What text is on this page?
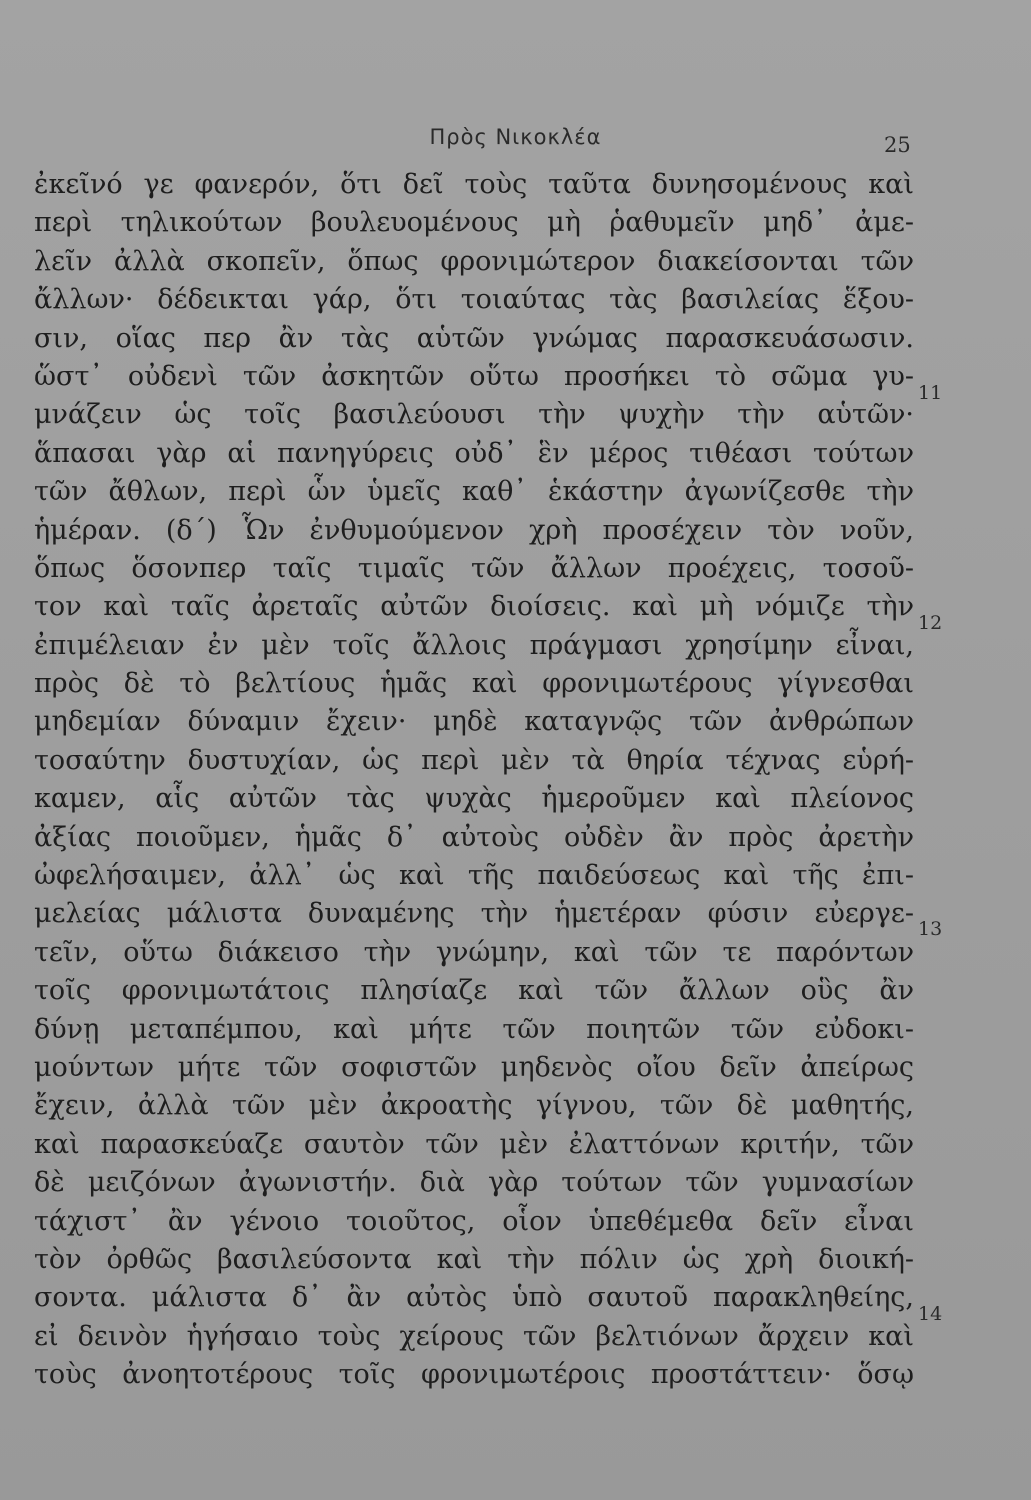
Πρὸς Νικοκλέα	25
ἐκεῖνό γε φανερόν, ὅτι δεῖ τοὺς ταῦτα δυνησομένους καὶ
περὶ τηλικούτων βουλευομένους μὴ ῥαθυμεῖν μηδ᾽ ἀμε-
λεῖν ἀλλὰ σκοπεῖν, ὅπως φρονιμώτερον διακείσονται τῶν
ἄλλων· δέδεικται γάρ, ὅτι τοιαύτας τὰς βασιλείας ἕξου-
σιν, οἵας περ ἂν τὰς αὑτῶν γνώμας παρασκευάσωσιν.
ὥστ᾽ οὐδενὶ τῶν ἀσκητῶν οὕτω προσήκει τὸ σῶμα γυ-
μνάζειν ὡς τοῖς βασιλεύουσι τὴν ψυχὴν τὴν αὑτῶν·
ἅπασαι γὰρ αἱ πανηγύρεις οὐδ᾽ ἓν μέρος τιθέασι τούτων
τῶν ἄθλων, περὶ ὧν ὑμεῖς καθ᾽ ἑκάστην ἀγωνίζεσθε τὴν
ἡμέραν. (δ΄) Ὧν ἐνθυμούμενον χρὴ προσέχειν τὸν νοῦν,
ὅπως ὅσονπερ ταῖς τιμαῖς τῶν ἄλλων προέχεις, τοσοῦ-
τον καὶ ταῖς ἀρεταῖς αὐτῶν διοίσεις. καὶ μὴ νόμιζε τὴν
ἐπιμέλειαν ἐν μὲν τοῖς ἄλλοις πράγμασι χρησίμην εἶναι,
πρὸς δὲ τὸ βελτίους ἡμᾶς καὶ φρονιμωτέρους γίγνεσθαι
μηδεμίαν δύναμιν ἔχειν· μηδὲ καταγνῷς τῶν ἀνθρώπων
τοσαύτην δυστυχίαν, ὡς περὶ μὲν τὰ θηρία τέχνας εὑρή-
καμεν, αἷς αὐτῶν τὰς ψυχὰς ἡμεροῦμεν καὶ πλείονος
ἀξίας ποιοῦμεν, ἡμᾶς δ᾽ αὐτοὺς οὐδὲν ἂν πρὸς ἀρετὴν
ὠφελήσαιμεν, ἀλλ᾽ ὡς καὶ τῆς παιδεύσεως καὶ τῆς ἐπι-
μελείας μάλιστα δυναμένης τὴν ἡμετέραν φύσιν εὐεργε-
τεῖν, οὕτω διάκεισο τὴν γνώμην, καὶ τῶν τε παρόντων
τοῖς φρονιμωτάτοις πλησίαζε καὶ τῶν ἄλλων οὓς ἂν
δύνῃ μεταπέμπου, καὶ μήτε τῶν ποιητῶν τῶν εὐδοκι-
μούντων μήτε τῶν σοφιστῶν μηδενὸς οἴου δεῖν ἀπείρως
ἔχειν, ἀλλὰ τῶν μὲν ἀκροατὴς γίγνου, τῶν δὲ μαθητής,
καὶ παρασκεύαζε σαυτὸν τῶν μὲν ἐλαττόνων κριτήν, τῶν
δὲ μειζόνων ἀγωνιστήν. διὰ γὰρ τούτων τῶν γυμνασίων
τάχιστ᾽ ἂν γένοιο τοιοῦτος, οἷον ὑπεθέμεθα δεῖν εἶναι
τὸν ὀρθῶς βασιλεύσοντα καὶ τὴν πόλιν ὡς χρὴ διοική-
σοντα. μάλιστα δ᾽ ἂν αὐτὸς ὑπὸ σαυτοῦ παρακληθείης,
εἰ δεινὸν ἡγήσαιο τοὺς χείρους τῶν βελτιόνων ἄρχειν καὶ
τοὺς ἀνοητοτέρους τοῖς φρονιμωτέροις προστάττειν· ὅσῳ
11
12
13
14
